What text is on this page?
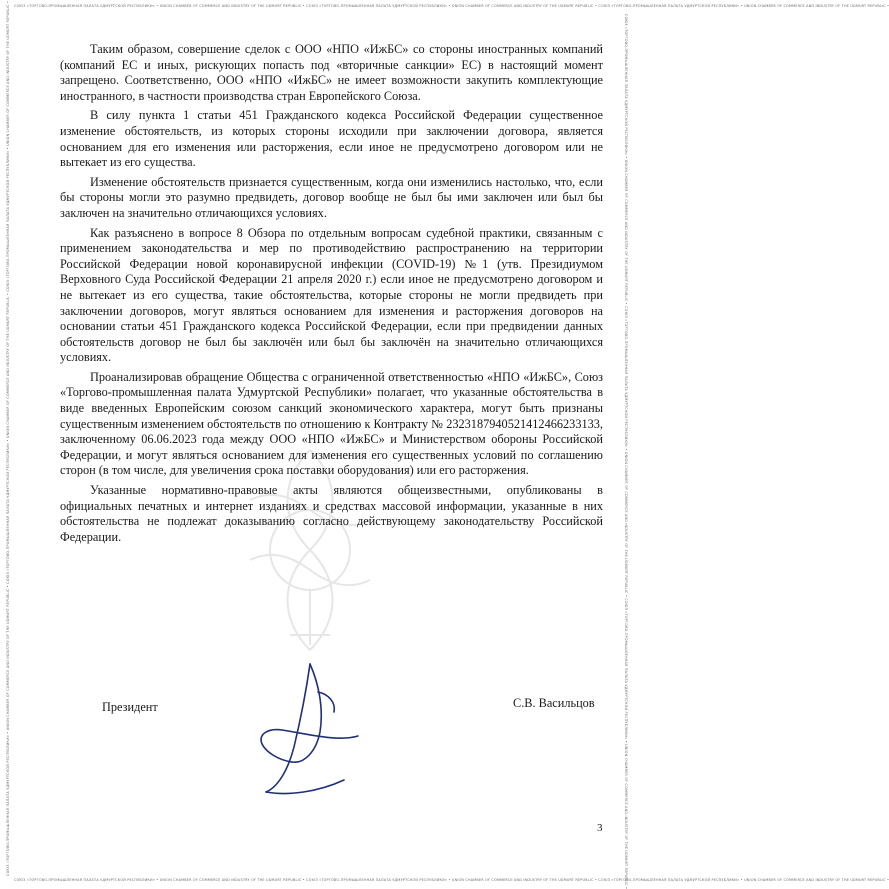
СОЮЗ «ТОРГОВО-ПРОМЫШЛЕННАЯ ПАЛАТА УДМУРТСКОЙ РЕСПУБЛИКИ» • UNION CHAMBER OF COMMERCE AND INDUSTRY OF THE UDMURT REPUBLIC • СОЮЗ «ТОРГОВО-ПРОМЫШЛЕННАЯ ПАЛАТА УДМУРТСКОЙ РЕСПУБЛИКИ» • UNION CHAMBER OF COMMERCE AND INDUSTRY OF THE UDMURT REPUBLIC • СОЮЗ «ТОРГОВО-ПРОМЫШЛЕННАЯ ПАЛАТА УДМУРТСКОЙ РЕСПУБЛИКИ» • UNION CHAMBER OF COMMERCE AND INDUSTRY OF THE UDMURT REPUBLIC •
СОЮЗ «ТОРГОВО-ПРОМЫШЛЕННАЯ ПАЛАТА УДМУРТСКОЙ РЕСПУБЛИКИ» • UNION CHAMBER OF COMMERCE AND INDUSTRY OF THE UDMURT REPUBLIC • СОЮЗ «ТОРГОВО-ПРОМЫШЛЕННАЯ ПАЛАТА УДМУРТСКОЙ РЕСПУБЛИКИ» • UNION CHAMBER OF COMMERCE AND INDUSTRY OF THE UDMURT REPUBLIC • СОЮЗ «ТОРГОВО-ПРОМЫШЛЕННАЯ ПАЛАТА УДМУРТСКОЙ РЕСПУБЛИКИ» • UNION CHAMBER OF COMMERCE AND INDUSTRY OF THE UDMURT REPUBLIC •
СОЮЗ «ТОРГОВО-ПРОМЫШЛЕННАЯ ПАЛАТА УДМУРТСКОЙ РЕСПУБЛИКИ» • UNION CHAMBER OF COMMERCE AND INDUSTRY OF THE UDMURT REPUBLIC • СОЮЗ «ТОРГОВО-ПРОМЫШЛЕННАЯ ПАЛАТА УДМУРТСКОЙ РЕСПУБЛИКИ» • UNION CHAMBER OF COMMERCE AND INDUSTRY OF THE UDMURT REPUBLIC • СОЮЗ «ТОРГОВО-ПРОМЫШЛЕННАЯ ПАЛАТА УДМУРТСКОЙ РЕСПУБЛИКИ» • UNION CHAMBER OF COMMERCE AND INDUSTRY OF THE UDMURT REPUBLIC •	СОЮЗ «ТОРГОВО-ПРОМЫШЛЕННАЯ ПАЛАТА УДМУРТСКОЙ РЕСПУБЛИКИ» • UNION CHAMBER OF COMMERCE AND INDUSTRY OF THE UDMURT REPUBLIC • СОЮЗ «ТОРГОВО-ПРОМЫШЛЕННАЯ ПАЛАТА УДМУРТСКОЙ РЕСПУБЛИКИ» • UNION CHAMBER OF COMMERCE AND INDUSTRY OF THE UDMURT REPUBLIC • СОЮЗ «ТОРГОВО-ПРОМЫШЛЕННАЯ ПАЛАТА УДМУРТСКОЙ РЕСПУБЛИКИ» • UNION CHAMBER OF COMMERCE AND INDUSTRY OF THE UDMURT REPUBLIC •

Таким образом, совершение сделок с ООО «НПО «ИжБС» со стороны иностранных компаний (компаний ЕС и иных, рискующих попасть под «вторичные санкции» ЕС) в настоящий момент запрещено. Соответственно, ООО «НПО «ИжБС» не имеет возможности закупить комплектующие иностранного, в частности производства стран Европейского Союза.

В силу пункта 1 статьи 451 Гражданского кодекса Российской Федерации существенное изменение обстоятельств, из которых стороны исходили при заключении договора, является основанием для его изменения или расторжения, если иное не предусмотрено договором или не вытекает из его существа.

Изменение обстоятельств признается существенным, когда они изменились настолько, что, если бы стороны могли это разумно предвидеть, договор вообще не был бы ими заключен или был бы заключен на значительно отличающихся условиях.

Как разъяснено в вопросе 8 Обзора по отдельным вопросам судебной практики, связанным с применением законодательства и мер по противодействию распространению на территории Российской Федерации новой коронавирусной инфекции (COVID-19) №1 (утв. Президиумом Верховного Суда Российской Федерации 21 апреля 2020 г.) если иное не предусмотрено договором и не вытекает из его существа, такие обстоятельства, которые стороны не могли предвидеть при заключении договоров, могут являться основанием для изменения и расторжения договоров на основании статьи 451 Гражданского кодекса Российской Федерации, если при предвидении данных обстоятельств договор не был бы заключён или был бы заключён на значительно отличающихся условиях.

Проанализировав обращение Общества с ограниченной ответственностью «НПО «ИжБС», Союз «Торгово-промышленная палата Удмуртской Республики» полагает, что указанные обстоятельства в виде введенных Европейским союзом санкций экономического характера, могут быть признаны существенным изменением обстоятельств по отношению к Контракту № 2323187940521412466233133, заключенному 06.06.2023 года между ООО «НПО «ИжБС» и Министерством обороны Российской Федерации, и могут являться основанием для изменения его существенных условий по соглашению сторон (в том числе, для увеличения срока поставки оборудования) или его расторжения.

Указанные нормативно-правовые акты являются общеизвестными, опубликованы в официальных печатных и интернет изданиях и средствах массовой информации, указанные в них обстоятельства не подлежат доказыванию согласно действующему законодательству Российской Федерации.

Президент	С.В. Васильцов
3
